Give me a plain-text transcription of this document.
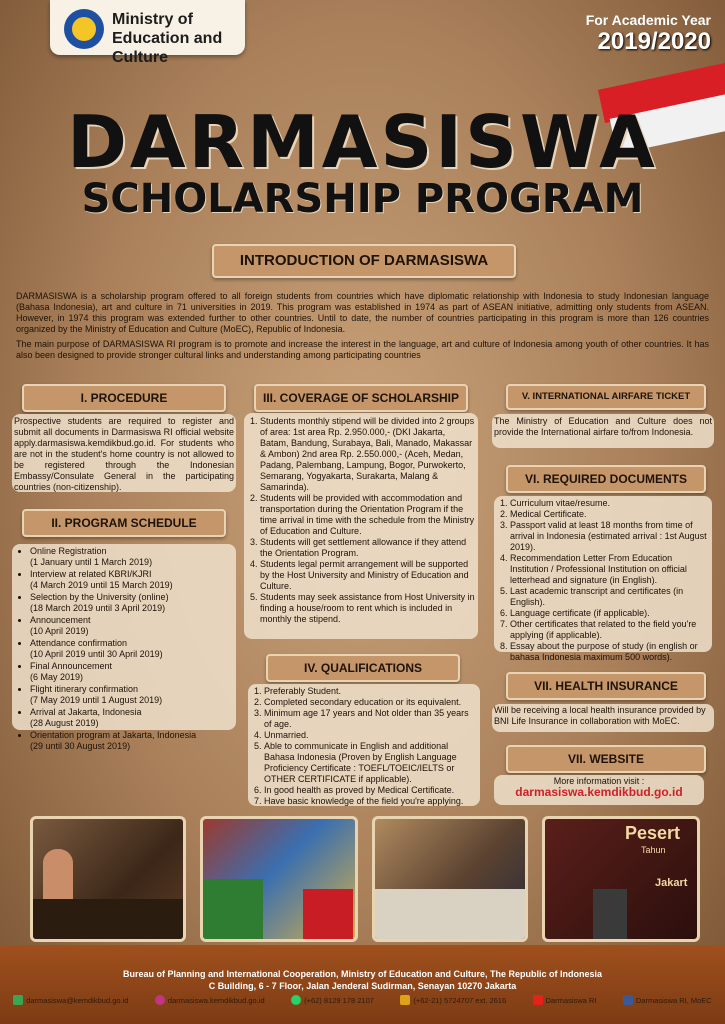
Ministry of Education and Culture
For Academic Year
2019/2020
DARMASISWA
SCHOLARSHIP PROGRAM
INTRODUCTION OF DARMASISWA
DARMASISWA is a scholarship program offered to all foreign students from countries which have diplomatic relationship with Indonesia to study Indonesian language (Bahasa Indonesia), art and culture in 71 universities in 2019. This program was established in 1974 as part of ASEAN initiative, admitting only students from ASEAN. However, in 1974 this program was extended further to other countries. Until to date, the number of countries participating in this program is more than 126 countries organized by the Ministry of Education and Culture (MoEC), Republic of Indonesia.
The main purpose of DARMASISWA RI program is to promote and increase the interest in the language, art and culture of Indonesia among youth of other countries. It has also been designed to provide stronger cultural links and understanding among participating countries
I. PROCEDURE
Prospective students are required to register and submit all documents in Darmasiswa RI official website apply.darmasiswa.kemdikbud.go.id. For students who are not in the student's home country is not allowed to be registered through the Indonesian Embassy/Consulate General in the participating countries (non-citizenship).
II. PROGRAM SCHEDULE
• Online Registration
(1 January until 1 March 2019)
• Interview at related KBRI/KJRI
(4 March 2019 until 15 March 2019)
• Selection by the University (online)
(18 March 2019 until 3 April 2019)
• Announcement
(10 April 2019)
• Attendance confirmation
(10 April 2019 until 30 April 2019)
• Final Announcement
(6 May 2019)
• Flight itinerary confirmation
(7 May 2019 until 1 August 2019)
• Arrival at Jakarta, Indonesia
(28 August 2019)
• Orientation program at Jakarta, Indonesia
(29 until 30 August 2019)
III. COVERAGE OF SCHOLARSHIP
1. Students monthly stipend will be divided into 2 groups of area: 1st area Rp. 2.950.000,- (DKI Jakarta, Batam, Bandung, Surabaya, Bali, Manado, Makassar & Ambon) 2nd area Rp. 2.550.000,- (Aceh, Medan, Padang, Palembang, Lampung, Bogor, Purwokerto, Semarang, Yogyakarta, Surakarta, Malang & Samarinda).
2. Students will be provided with accommodation and transportation during the Orientation Program if the time arrival in time with the schedule from the Ministry of Education and Culture.
3. Students will get settlement allowance if they attend the Orientation Program.
4. Students legal permit arrangement will be supported by the Host University and Ministry of Education and Culture.
5. Students may seek assistance from Host University in finding a house/room to rent which is included in monthly the stipend.
IV. QUALIFICATIONS
1. Preferably Student.
2. Completed secondary education or its equivalent.
3. Minimum age 17 years and Not older than 35 years of age.
4. Unmarried.
5. Able to communicate in English and additional Bahasa Indonesia (Proven by English Language Proficiency Certificate : TOEFL/TOEIC/IELTS or OTHER CERTIFICATE if applicable).
6. In good health as proved by Medical Certificate.
7. Have basic knowledge of the field you're applying.
V. INTERNATIONAL AIRFARE TICKET
The Ministry of Education and Culture does not provide the International airfare to/from Indonesia.
VI. REQUIRED DOCUMENTS
1. Curriculum vitae/resume.
2. Medical Certificate.
3. Passport valid at least 18 months from time of arrival in Indonesia (estimated arrival : 1st August 2019).
4. Recommendation Letter From Education Institution / Professional Institution on official letterhead and signature (in English).
5. Last academic transcript and certificates (in English).
6. Language certificate (if applicable).
7. Other certificates that related to the field you're applying (if applicable).
8. Essay about the purpose of study (in english or bahasa Indonesia maximum 500 words).
VII. HEALTH INSURANCE
Will be receiving a local health insurance provided by BNI Life Insurance in collaboration with MoEC.
VII. WEBSITE
More information visit :
darmasiswa.kemdikbud.go.id
Pesert
Tahun
Jakart
Bureau of Planning and International Cooperation, Ministry of Education and Culture, The Republic of Indonesia
C Building, 6 - 7 Floor, Jalan Jenderal Sudirman, Senayan 10270 Jakarta
darmasiswa@kemdikbud.go.id	darmasiswa.kemdikbud.go.id	(+62) 8129 178 2107	(+62-21) 5724707 ext. 2616	Darmasiswa RI	Darmasiswa RI, MoEC
